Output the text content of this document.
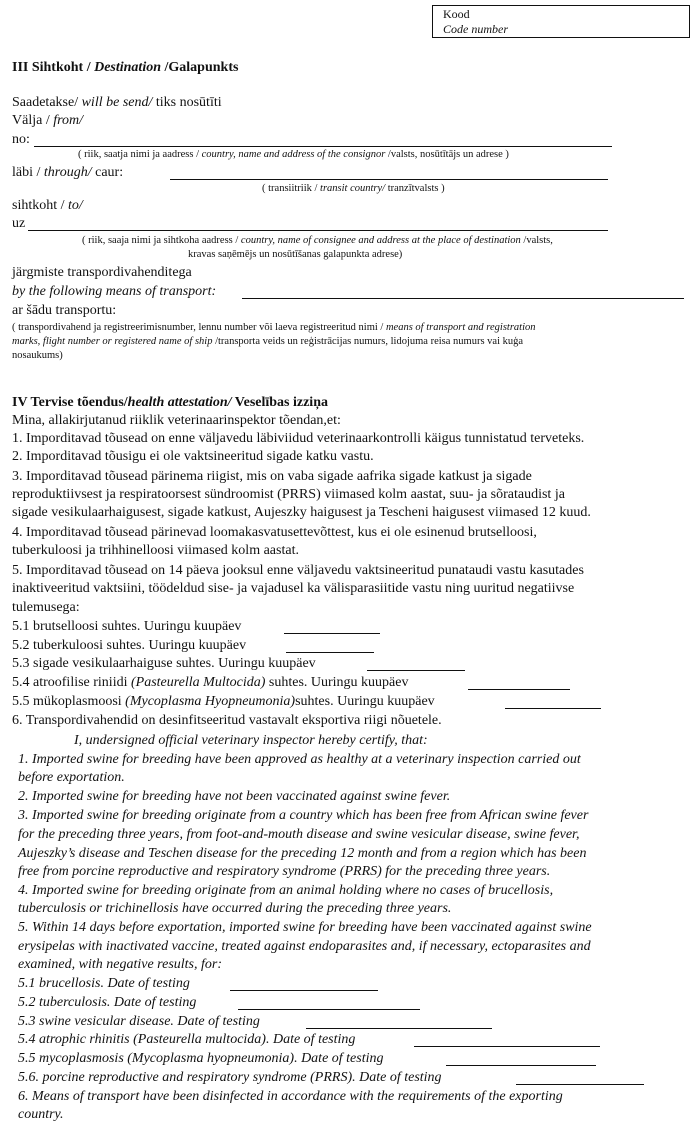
Kood
Code number
III Sihtkoht / Destination /Galapunkts
Saadetakse/ will be send/ tiks nosūtīti
Välja / from/
no:
( riik, saatja nimi ja aadress / country, name and address of the consignor /valsts, nosūtītājs un adrese )
läbi / through/ caur:
( transiitriik / transit country/ tranzītvalsts )
sihtkoht / to/
uz
( riik, saaja nimi ja sihtkoha aadress / country, name of consignee and address at the place of destination /valsts,
kravas saņēmējs un nosūtīšanas galapunkta adrese)
järgmiste transpordivahenditega
by the following means of transport:
ar šādu transportu:
( transpordivahend ja registreerimisnumber, lennu number või laeva registreeritud nimi / means of transport and registration
marks, flight number or registered name of ship /transporta veids un reģistrācijas numurs, lidojuma reisa numurs vai kuģa
nosaukums)
IV Tervise tõendus/health attestation/ Veselības izziņa
Mina, allakirjutanud riiklik veterinaarinspektor tõendan,et:
1. Imporditavad tõusead on enne väljavedu läbiviidud veterinaarkontrolli käigus tunnistatud terveteks.
2. Imporditavad tõusigu ei ole vaktsineeritud sigade katku vastu.
3. Imporditavad tõusead pärinema riigist, mis on vaba sigade aafrika sigade katkust ja sigade
reproduktiivsest ja respiratoorsest sündroomist (PRRS) viimased kolm aastat, suu- ja sõrataudist ja
sigade vesikulaarhaigusest, sigade katkust, Aujeszky haigusest ja Tescheni haigusest viimased 12 kuud.
4. Imporditavad tõusead pärinevad loomakasvatusettevõttest, kus ei ole esinenud brutselloosi,
tuberkuloosi ja trihhinelloosi viimased kolm aastat.
5. Imporditavad tõusead on 14 päeva jooksul enne väljavedu vaktsineeritud punataudi vastu kasutades
inaktiveeritud vaktsiini, töödeldud sise- ja vajadusel ka välisparasiitide vastu ning uuritud negatiivse
tulemusega:
5.1 brutselloosi suhtes. Uuringu kuupäev
5.2 tuberkuloosi suhtes. Uuringu kuupäev
5.3 sigade vesikulaarhaiguse suhtes. Uuringu kuupäev
5.4 atroofilise riniidi (Pasteurella Multocida) suhtes. Uuringu kuupäev
5.5 mükoplasmoosi (Mycoplasma Hyopneumonia)suhtes. Uuringu kuupäev
6. Transpordivahendid on desinfitseeritud vastavalt eksportiva riigi nõuetele.
I, undersigned official veterinary inspector hereby certify, that:
1. Imported swine for breeding have been approved as healthy at a veterinary inspection carried out
before exportation.
2. Imported swine for breeding have not been vaccinated against swine fever.
3. Imported swine for breeding originate from a country which has been free from African swine fever
for the preceding three years, from foot-and-mouth disease and swine vesicular disease, swine fever,
Aujeszky’s disease and Teschen disease for the preceding 12 month and from a region which has been
free from porcine reproductive and respiratory syndrome (PRRS) for the preceding three years.
4. Imported swine for breeding originate from an animal holding where no cases of brucellosis,
tuberculosis or trichinellosis have occurred during the preceding three years.
5. Within 14 days before exportation, imported swine for breeding have been vaccinated against swine
erysipelas with inactivated vaccine, treated against endoparasites and, if necessary, ectoparasites and
examined, with negative results, for:
5.1 brucellosis. Date of testing
5.2 tuberculosis. Date of testing
5.3 swine vesicular disease. Date of testing
5.4 atrophic rhinitis (Pasteurella multocida). Date of testing
5.5 mycoplasmosis (Mycoplasma hyopneumonia). Date of testing
5.6. porcine reproductive and respiratory syndrome (PRRS). Date of testing
6. Means of transport have been disinfected in accordance with the requirements of the exporting
country.
